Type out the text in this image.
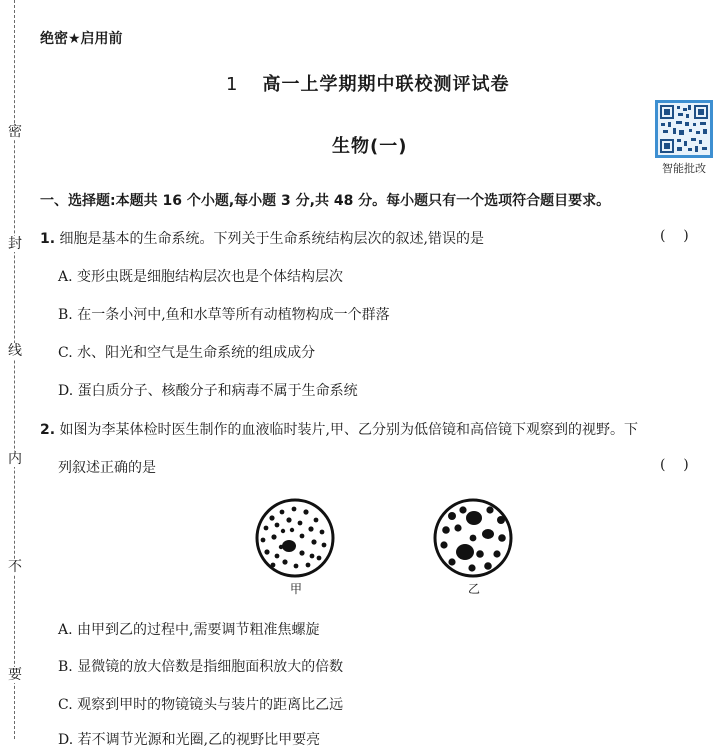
密
封
线
内
不
要
绝密★启用前
1 高一上学期期中联校测评试卷
生物(一)
智能批改
一、选择题:本题共 16 个小题,每小题 3 分,共 48 分。每小题只有一个选项符合题目要求。
1. 细胞是基本的生命系统。下列关于生命系统结构层次的叙述,错误的是	(    )
A. 变形虫既是细胞结构层次也是个体结构层次
B. 在一条小河中,鱼和水草等所有动植物构成一个群落
C. 水、阳光和空气是生命系统的组成成分
D. 蛋白质分子、核酸分子和病毒不属于生命系统
2. 如图为李某体检时医生制作的血液临时装片,甲、乙分别为低倍镜和高倍镜下观察到的视野。下
列叙述正确的是	(    )
甲	乙
A. 由甲到乙的过程中,需要调节粗准焦螺旋
B. 显微镜的放大倍数是指细胞面积放大的倍数
C. 观察到甲时的物镜镜头与装片的距离比乙远
D. 若不调节光源和光圈,乙的视野比甲要亮
